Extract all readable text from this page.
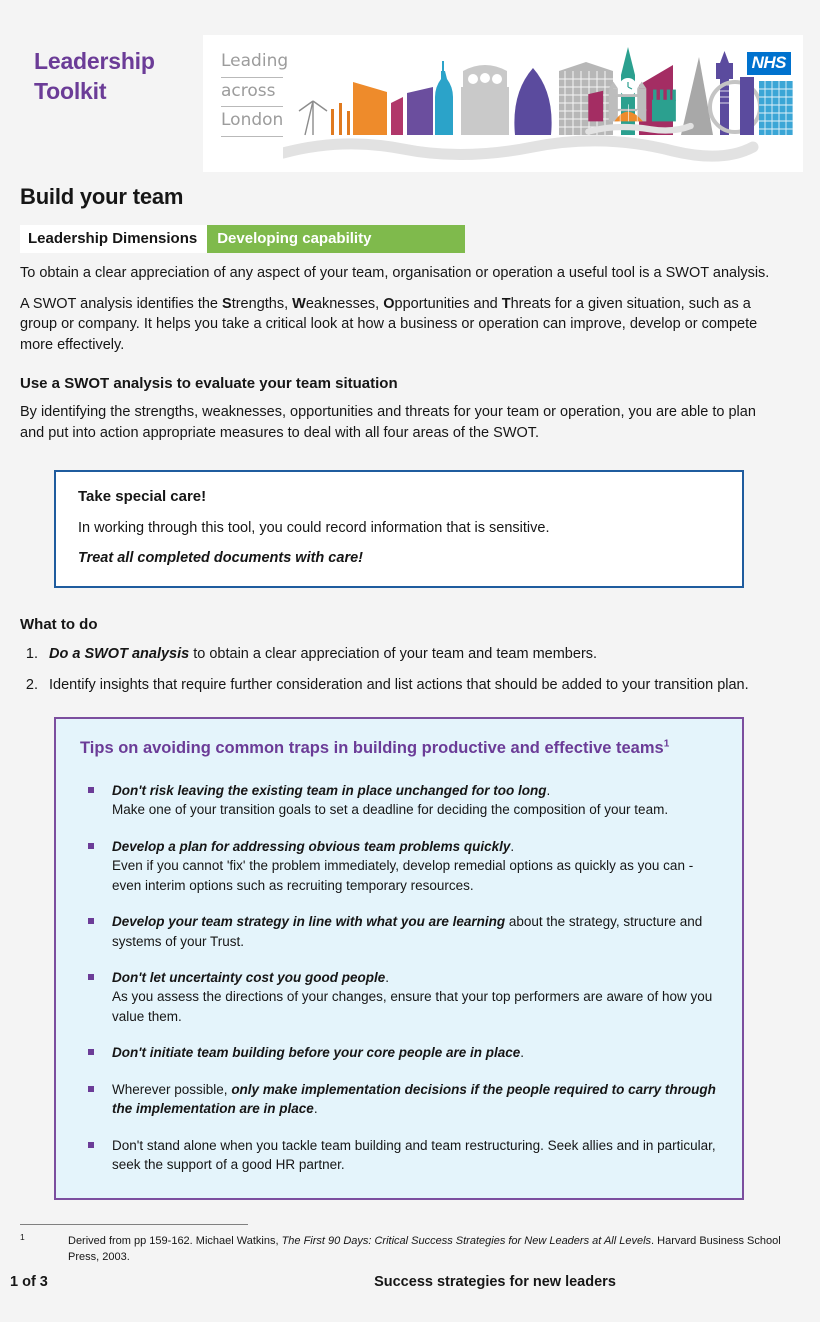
Leadership
Toolkit
Leading
across
London
NHS
Build your team
Leadership Dimensions	Developing capability

To obtain a clear appreciation of any aspect of your team, organisation or operation a useful tool is a SWOT analysis.

A SWOT analysis identifies the Strengths, Weaknesses, Opportunities and Threats for a given situation, such as a group or company. It helps you take a critical look at how a business or operation can improve, develop or compete more effectively.

Use a SWOT analysis to evaluate your team situation

By identifying the strengths, weaknesses, opportunities and threats for your team or operation, you are able to plan and put into action appropriate measures to deal with all four areas of the SWOT.

Take special care!
In working through this tool, you could record information that is sensitive.
Treat all completed documents with care!
What to do
1. Do a SWOT analysis to obtain a clear appreciation of your team and team members.
2. Identify insights that require further consideration and list actions that should be added to your transition plan.
Tips on avoiding common traps in building productive and effective teams$^1$
Don't risk leaving the existing team in place unchanged for too long.
Make one of your transition goals to set a deadline for deciding the composition of your team.
Develop a plan for addressing obvious team problems quickly.
Even if you cannot 'fix' the problem immediately, develop remedial options as quickly as you can - even interim options such as recruiting temporary resources.
Develop your team strategy in line with what you are learning about the strategy, structure and systems of your Trust.
Don't let uncertainty cost you good people.
As you assess the directions of your changes, ensure that your top performers are aware of how you value them.
Don't initiate team building before your core people are in place.
Wherever possible, only make implementation decisions if the people required to carry through the implementation are in place.
Don't stand alone when you tackle team building and team restructuring. Seek allies and in particular, seek the support of a good HR partner.
1	Derived from pp 159-162. Michael Watkins, The First 90 Days: Critical Success Strategies for New Leaders at All Levels. Harvard Business School Press, 2003.
1 of 3	Success strategies for new leaders
